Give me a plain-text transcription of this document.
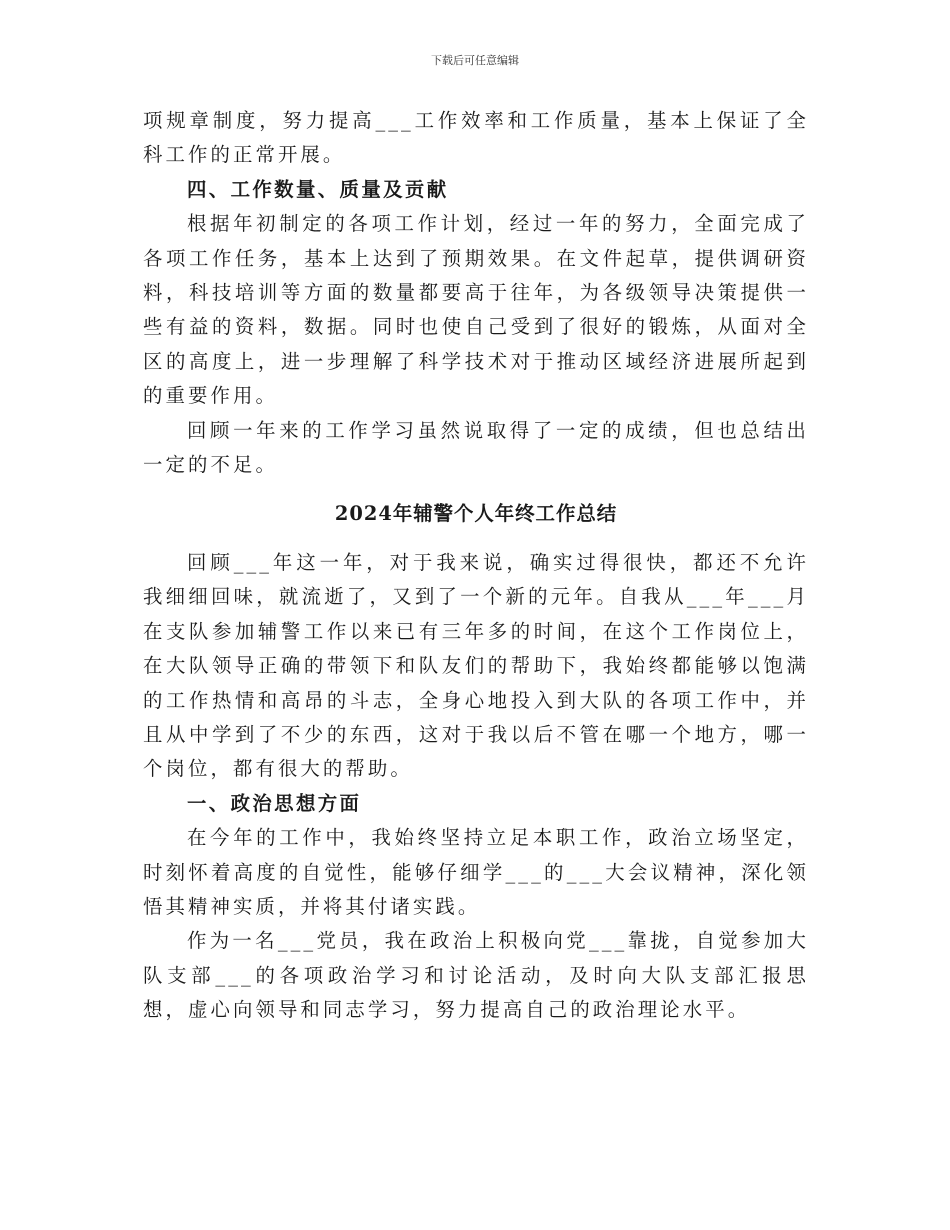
下载后可任意编辑

项规章制度，努力提高___工作效率和工作质量，基本上保证了全科工作的正常开展。

四、工作数量、质量及贡献

根据年初制定的各项工作计划，经过一年的努力，全面完成了各项工作任务，基本上达到了预期效果。在文件起草，提供调研资料，科技培训等方面的数量都要高于往年，为各级领导决策提供一些有益的资料，数据。同时也使自己受到了很好的锻炼，从面对全区的高度上，进一步理解了科学技术对于推动区域经济进展所起到的重要作用。

回顾一年来的工作学习虽然说取得了一定的成绩，但也总结出一定的不足。

2024年辅警个人年终工作总结

回顾___年这一年，对于我来说，确实过得很快，都还不允许我细细回味，就流逝了，又到了一个新的元年。自我从___年___月在支队参加辅警工作以来已有三年多的时间，在这个工作岗位上，在大队领导正确的带领下和队友们的帮助下，我始终都能够以饱满的工作热情和高昂的斗志，全身心地投入到大队的各项工作中，并且从中学到了不少的东西，这对于我以后不管在哪一个地方，哪一个岗位，都有很大的帮助。

一、政治思想方面

在今年的工作中，我始终坚持立足本职工作，政治立场坚定，时刻怀着高度的自觉性，能够仔细学___的___大会议精神，深化领悟其精神实质，并将其付诸实践。

作为一名___党员，我在政治上积极向党___靠拢，自觉参加大队支部___的各项政治学习和讨论活动，及时向大队支部汇报思想，虚心向领导和同志学习，努力提高自己的政治理论水平。
